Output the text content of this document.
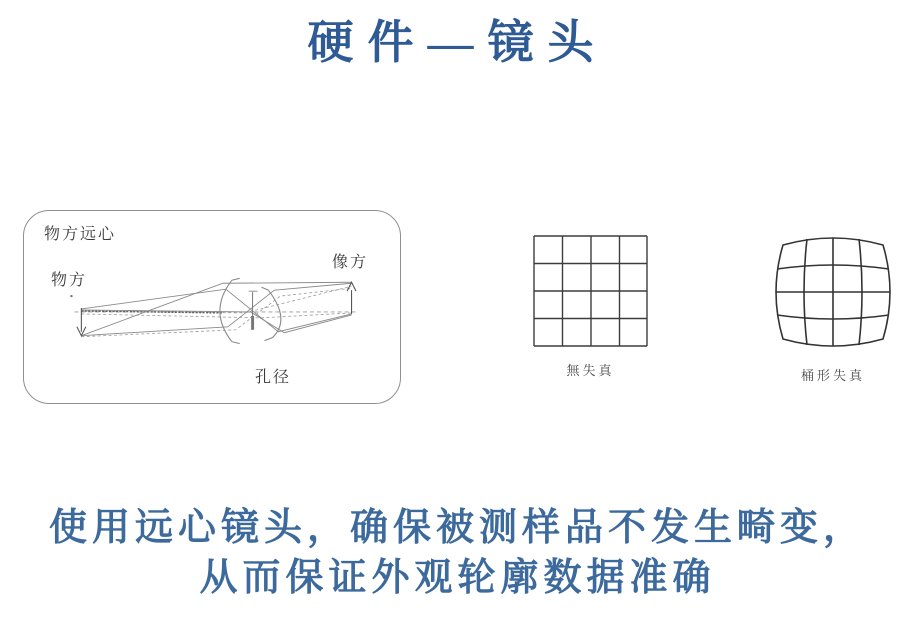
硬件—镜头
物方远心
物方
像方
孔径	無失真	桶形失真
使用远心镜头，确保被测样品不发生畸变，
从而保证外观轮廓数据准确
